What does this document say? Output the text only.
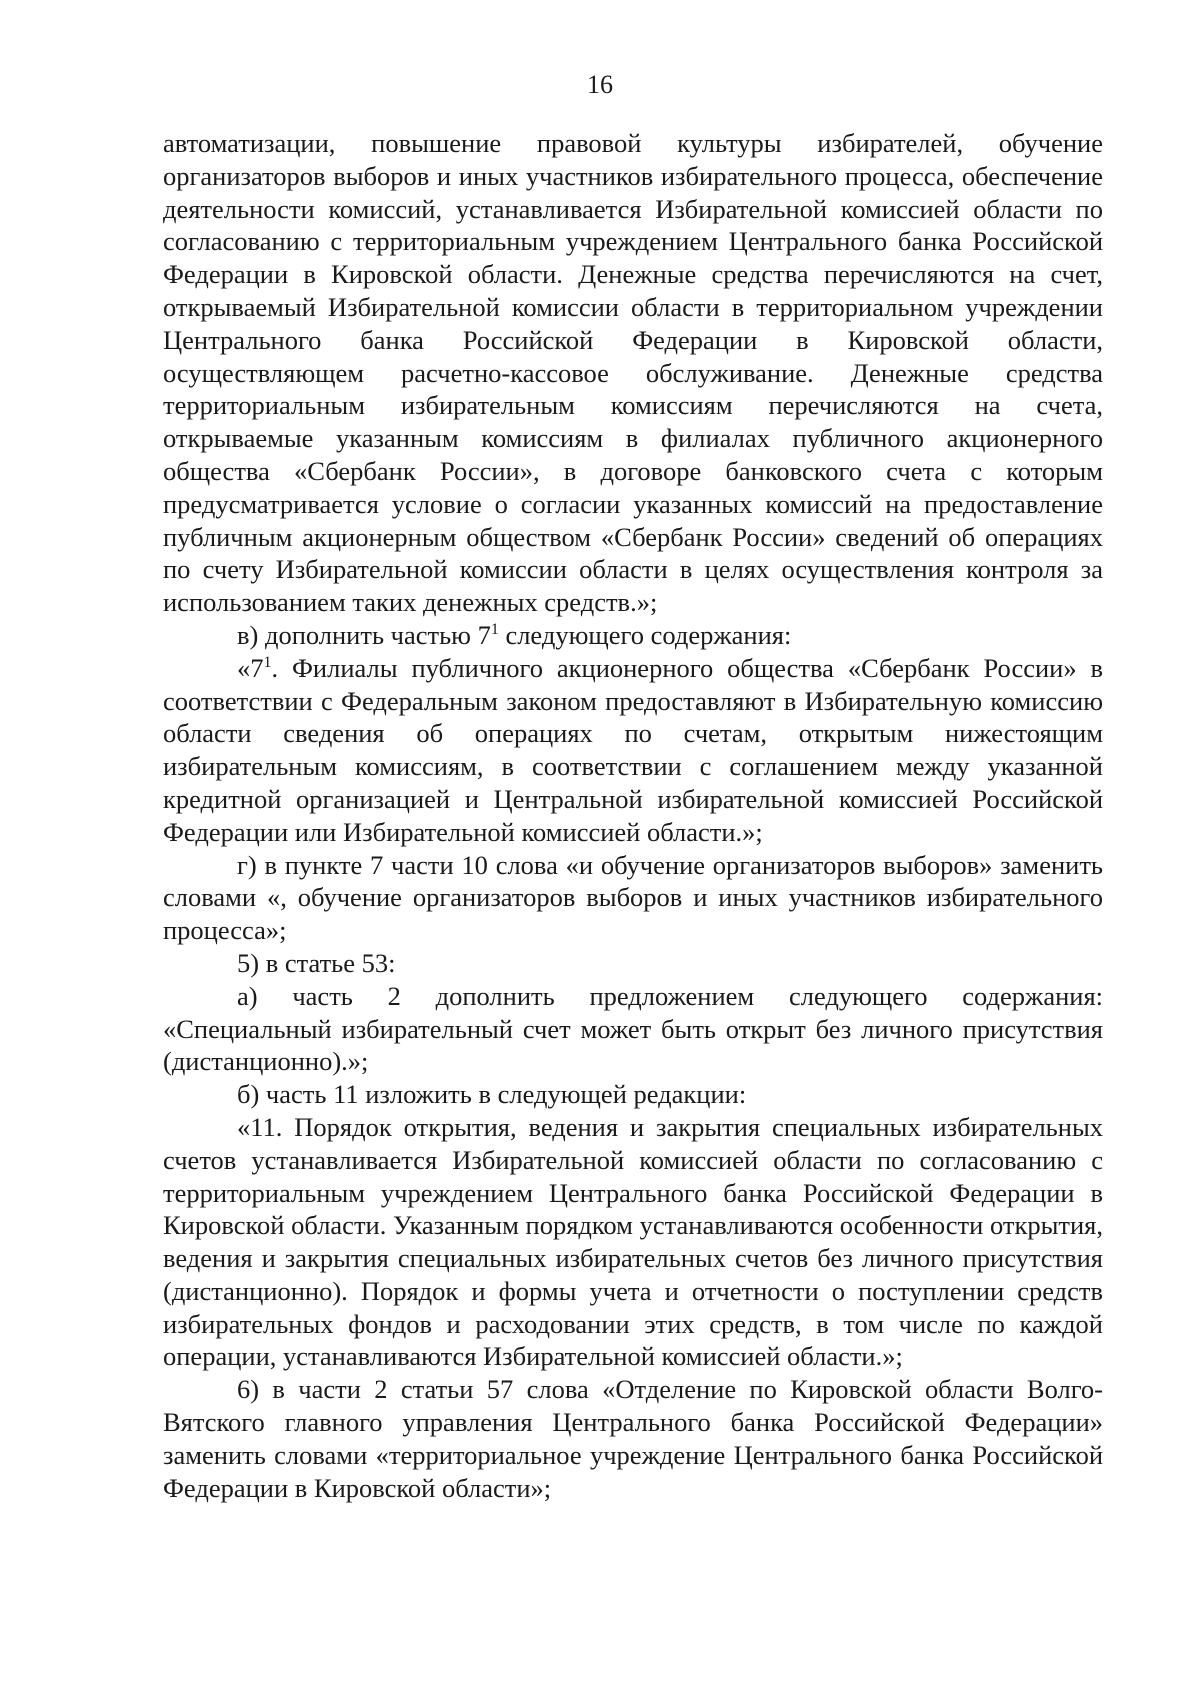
16

автоматизации, повышение правовой культуры избирателей, обучение организаторов выборов и иных участников избирательного процесса, обеспечение деятельности комиссий, устанавливается Избирательной комиссией области по согласованию с территориальным учреждением Центрального банка Российской Федерации в Кировской области. Денежные средства перечисляются на счет, открываемый Избирательной комиссии области в территориальном учреждении Центрального банка Российской Федерации в Кировской области, осуществляющем расчетно-кассовое обслуживание. Денежные средства территориальным избирательным комиссиям перечисляются на счета, открываемые указанным комиссиям в филиалах публичного акционерного общества «Сбербанк России», в договоре банковского счета с которым предусматривается условие о согласии указанных комиссий на предоставление публичным акционерным обществом «Сбербанк России» сведений об операциях по счету Избирательной комиссии области в целях осуществления контроля за использованием таких денежных средств.»;

в) дополнить частью $7^1$ следующего содержания:

«$7^1$. Филиалы публичного акционерного общества «Сбербанк России» в соответствии с Федеральным законом предоставляют в Избирательную комиссию области сведения об операциях по счетам, открытым нижестоящим избирательным комиссиям, в соответствии с соглашением между указанной кредитной организацией и Центральной избирательной комиссией Российской Федерации или Избирательной комиссией области.»;

г) в пункте 7 части 10 слова «и обучение организаторов выборов» заменить словами «, обучение организаторов выборов и иных участников избирательного процесса»;

5) в статье 53:

а) часть 2 дополнить предложением следующего содержания: «Специальный избирательный счет может быть открыт без личного присутствия (дистанционно).»;

б) часть 11 изложить в следующей редакции:

«11. Порядок открытия, ведения и закрытия специальных избирательных счетов устанавливается Избирательной комиссией области по согласованию с территориальным учреждением Центрального банка Российской Федерации в Кировской области. Указанным порядком устанавливаются особенности открытия, ведения и закрытия специальных избирательных счетов без личного присутствия (дистанционно). Порядок и формы учета и отчетности о поступлении средств избирательных фондов и расходовании этих средств, в том числе по каждой операции, устанавливаются Избирательной комиссией области.»;

6) в части 2 статьи 57 слова «Отделение по Кировской области Волго-Вятского главного управления Центрального банка Российской Федерации» заменить словами «территориальное учреждение Центрального банка Российской Федерации в Кировской области»;
